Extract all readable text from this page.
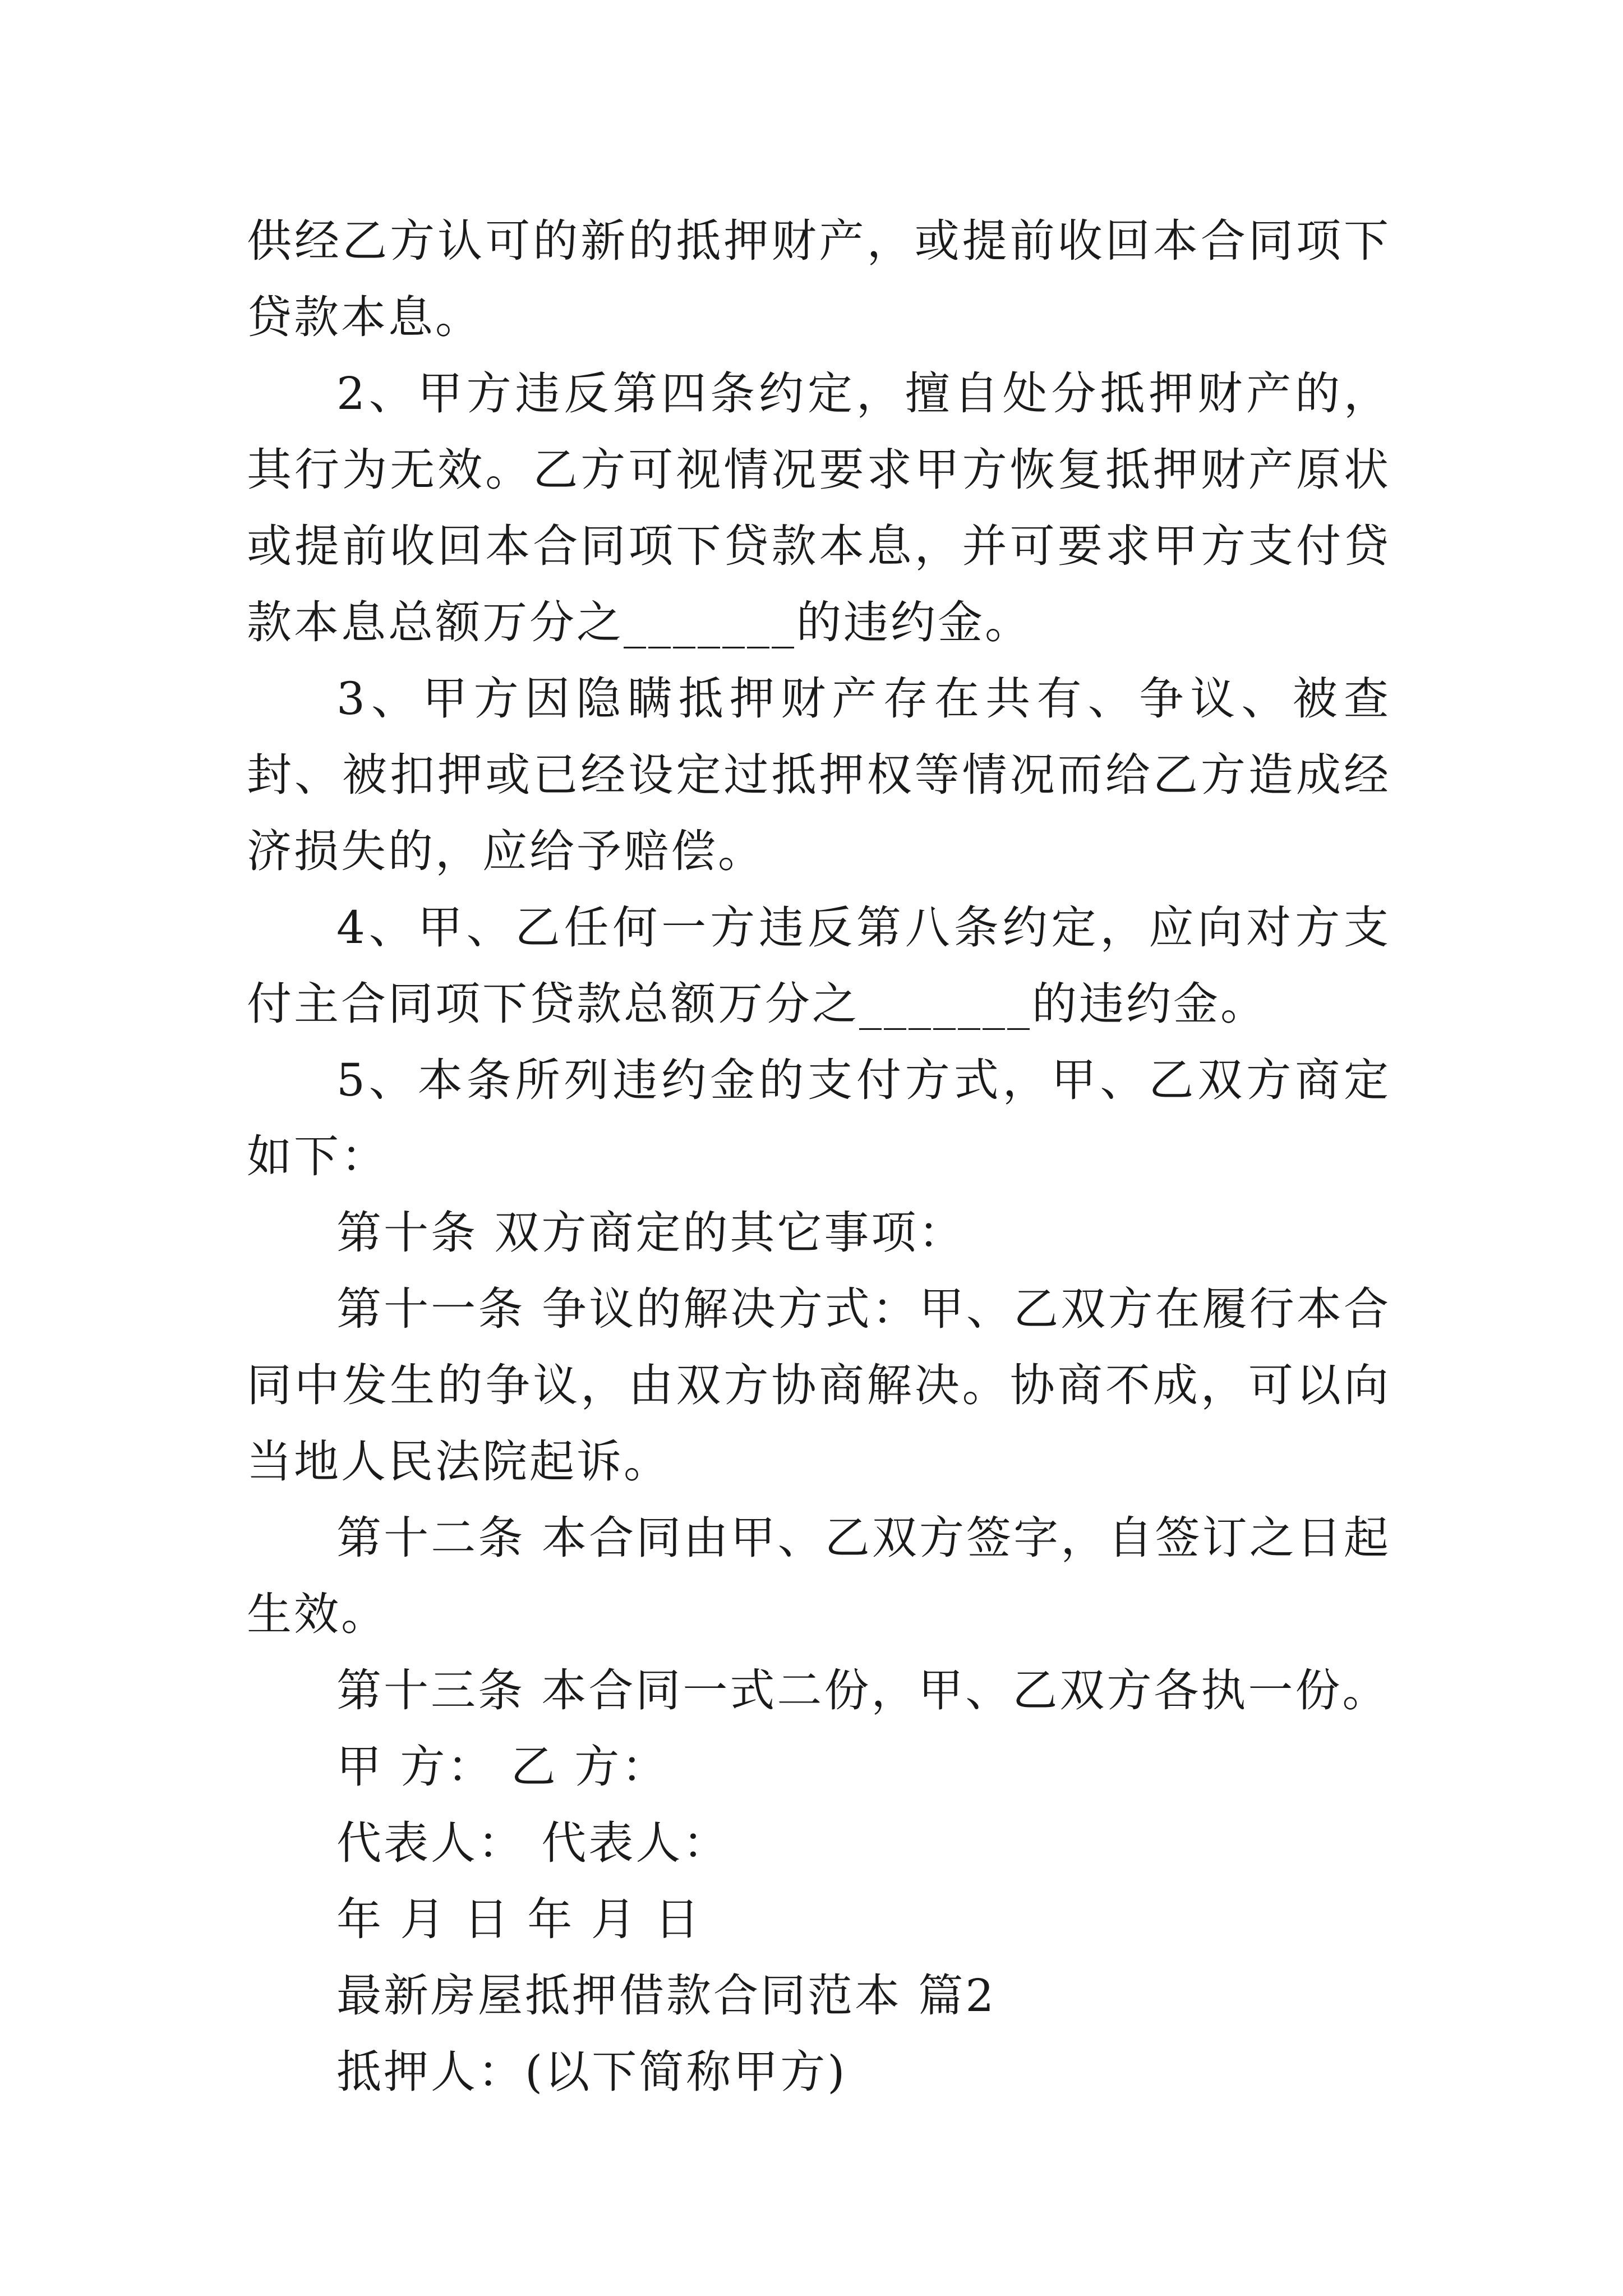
供经乙方认可的新的抵押财产，或提前收回本合同项下贷款本息。

2、甲方违反第四条约定，擅自处分抵押财产的，其行为无效。乙方可视情况要求甲方恢复抵押财产原状或提前收回本合同项下贷款本息，并可要求甲方支付贷款本息总额万分之_______的违约金。

3、甲方因隐瞒抵押财产存在共有、争议、被查封、被扣押或已经设定过抵押权等情况而给乙方造成经济损失的，应给予赔偿。

4、甲、乙任何一方违反第八条约定，应向对方支付主合同项下贷款总额万分之_______的违约金。

5、本条所列违约金的支付方式，甲、乙双方商定如下：

第十条 双方商定的其它事项：

第十一条 争议的解决方式：甲、乙双方在履行本合同中发生的争议，由双方协商解决。协商不成，可以向当地人民法院起诉。

第十二条 本合同由甲、乙双方签字，自签订之日起生效。

第十三条 本合同一式二份，甲、乙双方各执一份。

甲 方： 乙 方：

代表人： 代表人：

年 月 日 年 月 日

最新房屋抵押借款合同范本 篇2

抵押人：(以下简称甲方)
